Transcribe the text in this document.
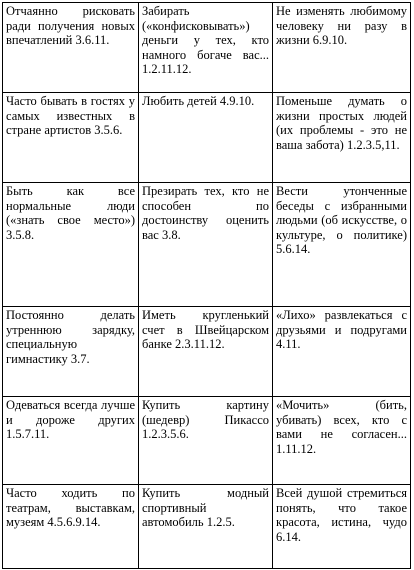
Отчаянно рисковать ради получения новых впечатлений 3.6.11.	Забирать («конфисковывать») деньги у тех, кто намного богаче вас... 1.2.11.12.	Не изменять любимому человеку ни разу в жизни 6.9.10.
Часто бывать в гостях у самых известных в стране артистов 3.5.6.	Любить детей 4.9.10.	Поменьше думать о жизни простых людей (их проблемы - это не ваша забота) 1.2.3.5,11.
Быть как все нормальные люди («знать свое место») 3.5.8.	Презирать тех, кто не способен по достоинству оценить вас 3.8.	Вести утонченные беседы с избранными людьми (об искусстве, о культуре, о политике) 5.6.14.
Постоянно делать утреннюю зарядку, специальную гимнастику 3.7.	Иметь кругленький счет в Швейцарском банке 2.3.11.12.	«Лихо» развлекаться с друзьями и подругами 4.11.
Одеваться всегда лучше и дороже других 1.5.7.11.	Купить картину (шедевр) Пикассо 1.2.3.5.6.	«Мочить» (бить, убивать) всех, кто с вами не согласен... 1.11.12.
Часто ходить по театрам, выставкам, музеям 4.5.6.9.14.	Купить модный спортивный автомобиль 1.2.5.	Всей душой стремиться понять, что такое красота, истина, чудо 6.14.
